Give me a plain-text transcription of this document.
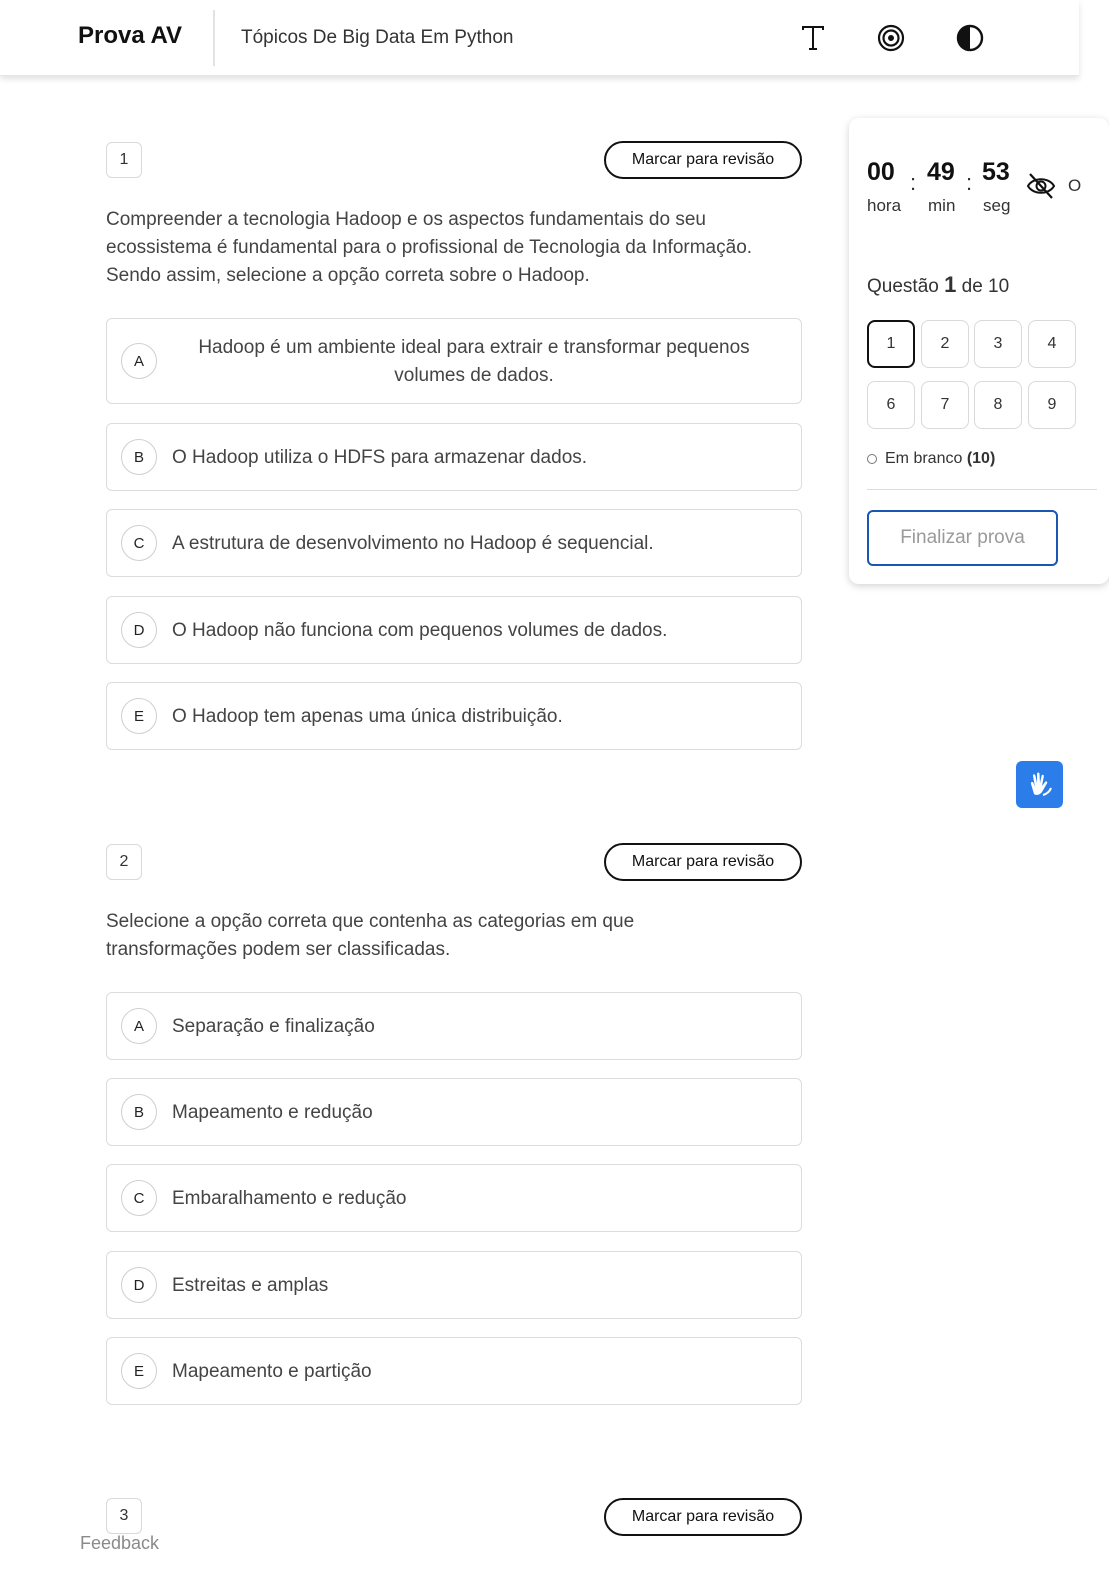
Prova AV	Tópicos De Big Data Em Python
1	Marcar para revisão
Compreender a tecnologia Hadoop e os aspectos fundamentais do seu ecossistema é fundamental para o profissional de Tecnologia da Informação. Sendo assim, selecione a opção correta sobre o Hadoop.
A
Hadoop é um ambiente ideal para extrair e transformar pequenos volumes de dados.
B	O Hadoop utiliza o HDFS para armazenar dados.
C	A estrutura de desenvolvimento no Hadoop é sequencial.
D	O Hadoop não funciona com pequenos volumes de dados.
E	O Hadoop tem apenas uma única distribuição.
2	Marcar para revisão
Selecione a opção correta que contenha as categorias em que transformações podem ser classificadas.
A	Separação e finalização
B	Mapeamento e redução
C	Embaralhamento e redução
D	Estreitas e amplas
E	Mapeamento e partição
3	Marcar para revisão
00 : 49 : 53
hora min seg
O
Questão 1 de 10
1	2	3	4
6	7	8	9
Em branco
(10)
Finalizar prova
Feedback
